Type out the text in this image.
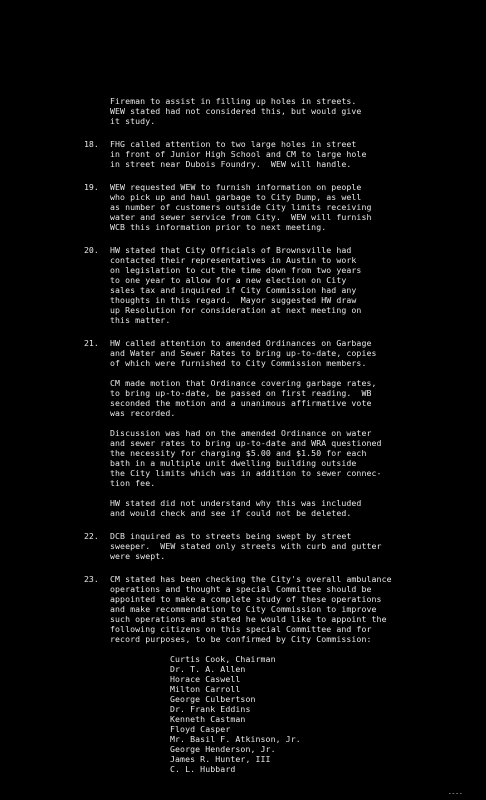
Fireman to assist in filling up holes in streets.
WEW stated had not considered this, but would give
it study.
18. FHG called attention to two large holes in street
in front of Junior High School and CM to large hole
in street near Dubois Foundry.  WEW will handle.
19. WEW requested WEW to furnish information on people
who pick up and haul garbage to City Dump, as well
as number of customers outside City limits receiving
water and sewer service from City.  WEW will furnish
WCB this information prior to next meeting.
20. HW stated that City Officials of Brownsville had
contacted their representatives in Austin to work
on legislation to cut the time down from two years
to one year to allow for a new election on City
sales tax and inquired if City Commission had any
thoughts in this regard.  Mayor suggested HW draw
up Resolution for consideration at next meeting on
this matter.
21. HW called attention to amended Ordinances on Garbage
and Water and Sewer Rates to bring up-to-date, copies
of which were furnished to City Commission members.
CM made motion that Ordinance covering garbage rates,
to bring up-to-date, be passed on first reading.  WB
seconded the motion and a unanimous affirmative vote
was recorded.
Discussion was had on the amended Ordinance on water
and sewer rates to bring up-to-date and WRA questioned
the necessity for charging $5.00 and $1.50 for each
bath in a multiple unit dwelling building outside
the City limits which was in addition to sewer connec-
tion fee.
HW stated did not understand why this was included
and would check and see if could not be deleted.
22. DCB inquired as to streets being swept by street
sweeper.  WEW stated only streets with curb and gutter
were swept.
23. CM stated has been checking the City's overall ambulance
operations and thought a special Committee should be
appointed to make a complete study of these operations
and make recommendation to City Commission to improve
such operations and stated he would like to appoint the
following citizens on this special Committee and for
record purposes, to be confirmed by City Commission:
Curtis Cook, Chairman
Dr. T. A. Allen
Horace Caswell
Milton Carroll
George Culbertson
Dr. Frank Eddins
Kenneth Castman
Floyd Casper
Mr. Basil F. Atkinson, Jr.
George Henderson, Jr.
James R. Hunter, III
C. L. Hubbard
----
